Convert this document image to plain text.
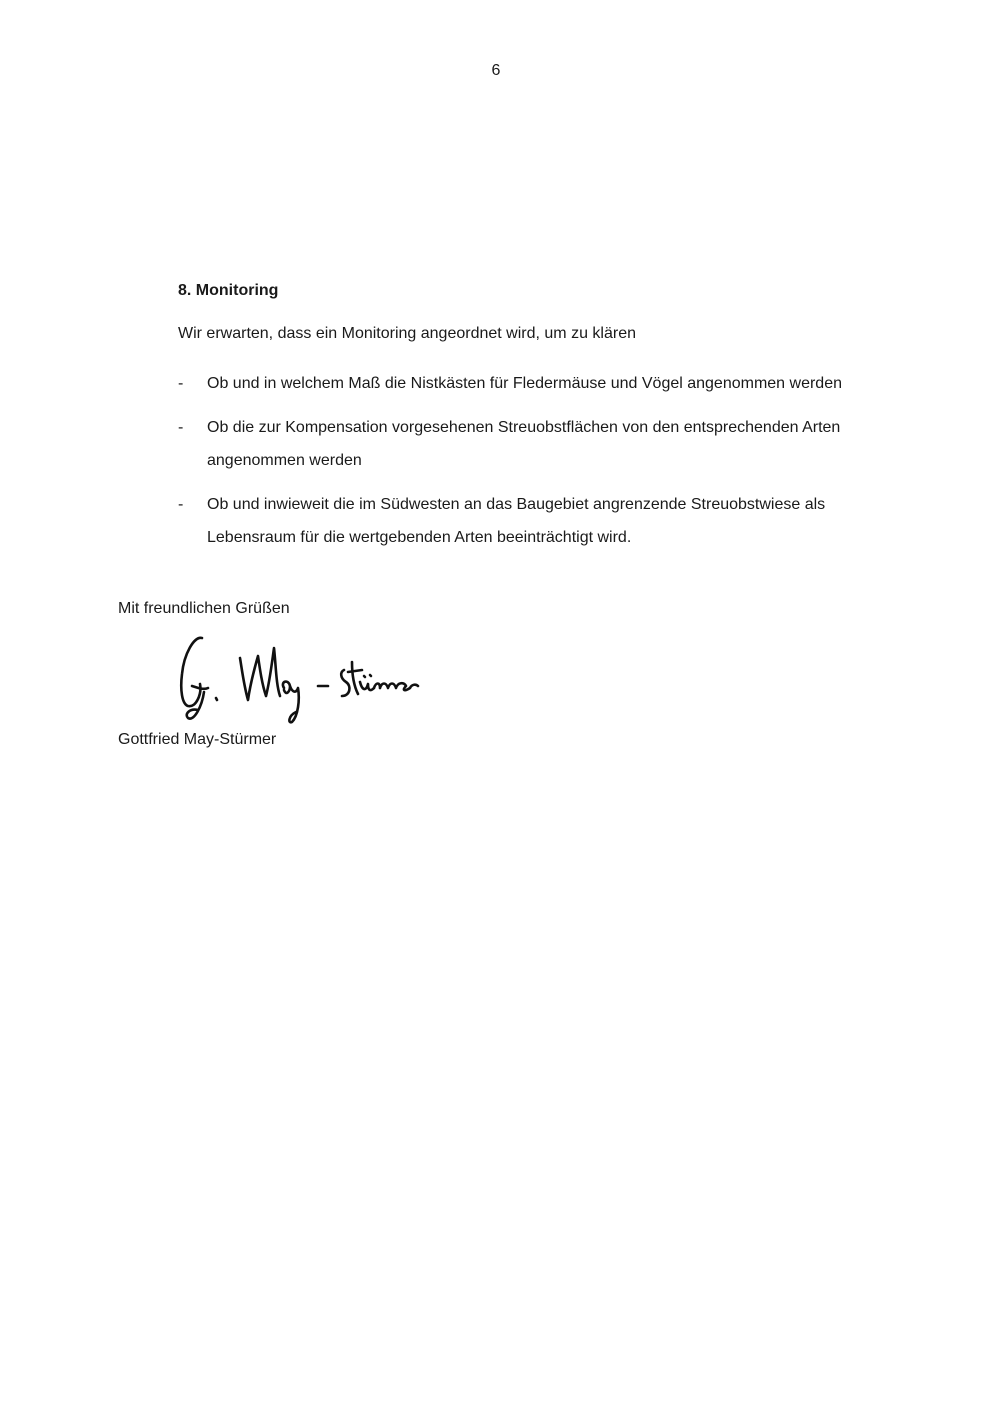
6
8. Monitoring

Wir erwarten, dass ein Monitoring angeordnet wird, um zu klären

- Ob und in welchem Maß die Nistkästen für Fledermäuse und Vögel angenommen werden
- Ob die zur Kompensation vorgesehenen Streuobstflächen von den entsprechenden Arten angenommen werden
- Ob und inwieweit die im Südwesten an das Baugebiet angrenzende Streuobstwiese als Lebensraum für die wertgebenden Arten beeinträchtigt wird.

Mit freundlichen Grüßen

Gottfried May-Stürmer
